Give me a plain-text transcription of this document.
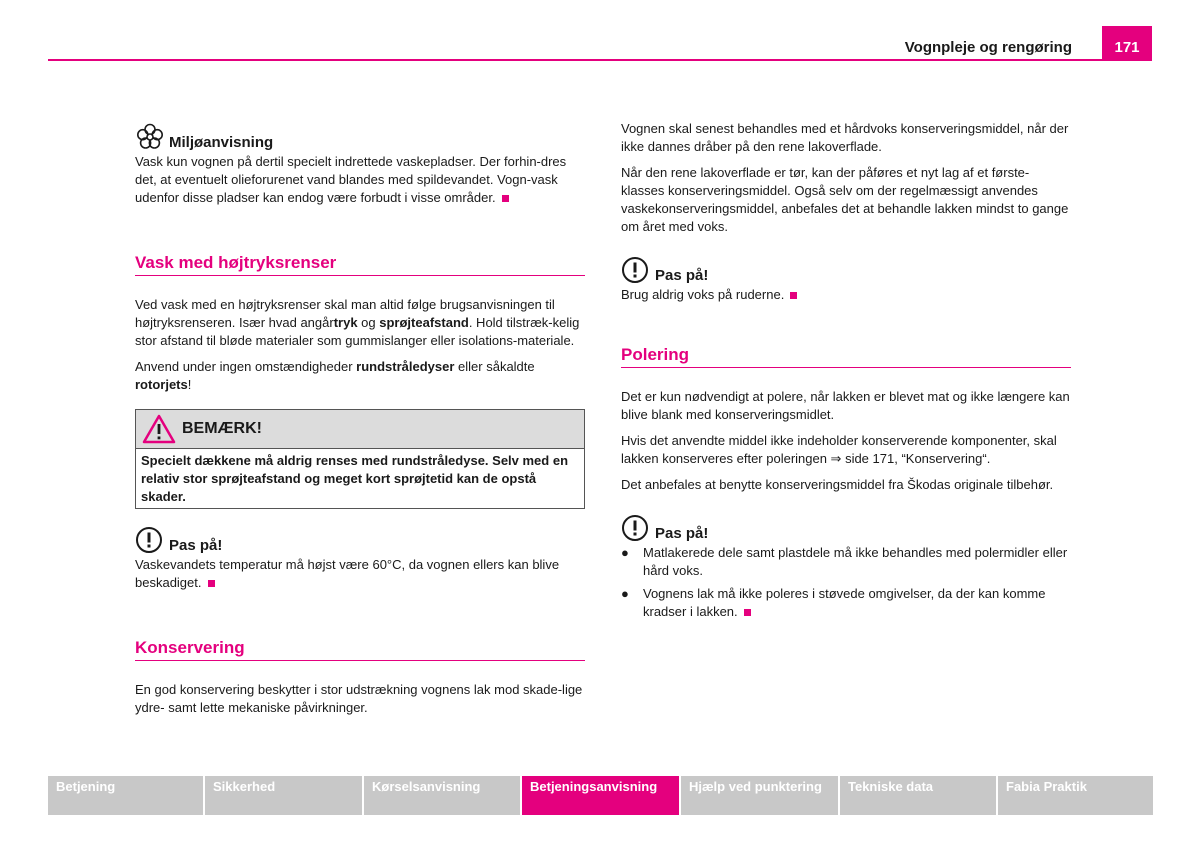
Vognpleje og rengøring	171
Miljøanvisning

Vask kun vognen på dertil specielt indrettede vaskepladser. Der forhin-dres det, at eventuelt olieforurenet vand blandes med spildevandet. Vogn-vask udenfor disse pladser kan endog være forbudt i visse områder.

Vask med højtryksrenser

Ved vask med en højtryksrenser skal man altid følge brugsanvisningen til højtryksrenseren. Især hvad angårtryk og sprøjteafstand. Hold tilstræk-kelig stor afstand til bløde materialer som gummislanger eller isolations-materiale.

Anvend under ingen omstændigheder rundstråledyser eller såkaldte rotorjets!

BEMÆRK!
Specielt dækkene må aldrig renses med rundstråledyse. Selv med en relativ stor sprøjteafstand og meget kort sprøjtetid kan de opstå skader.
Pas på!

Vaskevandets temperatur må højst være 60°C, da vognen ellers kan blive beskadiget.

Konservering

En god konservering beskytter i stor udstrækning vognens lak mod skade-lige ydre- samt lette mekaniske påvirkninger.

Vognen skal senest behandles med et hårdvoks konserveringsmiddel, når der ikke dannes dråber på den rene lakoverflade.

Når den rene lakoverflade er tør, kan der påføres et nyt lag af et første-klasses konserveringsmiddel. Også selv om der regelmæssigt anvendes vaskekonserveringsmiddel, anbefales det at behandle lakken mindst to gange om året med voks.

Pas på!

Brug aldrig voks på ruderne.

Polering

Det er kun nødvendigt at polere, når lakken er blevet mat og ikke længere kan blive blank med konserveringsmidlet.

Hvis det anvendte middel ikke indeholder konserverende komponenter, skal lakken konserveres efter poleringen ⇒ side 171, “Konservering“.

Det anbefales at benytte konserveringsmiddel fra Škodas originale tilbehør.

Pas på!
●	Matlakerede dele samt plastdele må ikke behandles med polermidler eller hård voks.
●	Vognens lak må ikke poleres i støvede omgivelser, da der kan komme kradser i lakken.
Betjening	Sikkerhed	Kørselsanvisning	Betjeningsanvisning	Hjælp ved punktering	Tekniske data	Fabia Praktik
